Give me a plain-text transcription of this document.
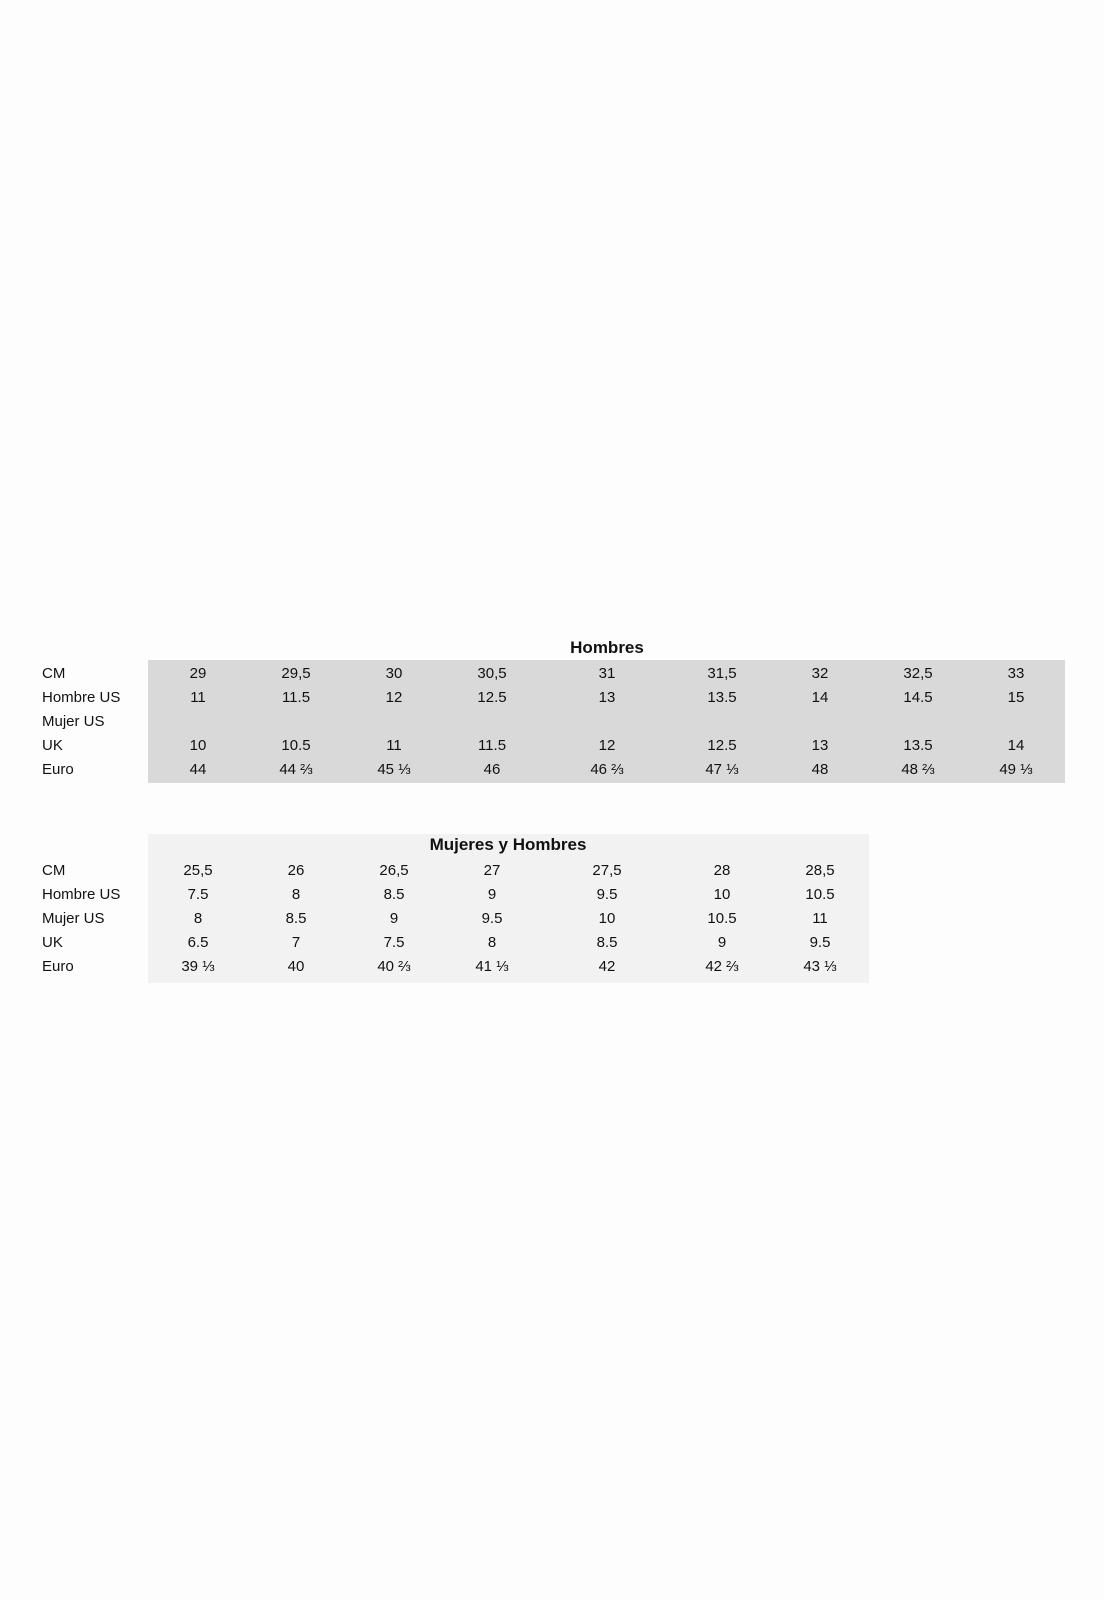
Hombres
CM	29	29,5	30	30,5	31	31,5	32	32,5	33
Hombre US	11	11.5	12	12.5	13	13.5	14	14.5	15
Mujer US
UK	10	10.5	11	11.5	12	12.5	13	13.5	14
Euro	44	44 ⅔	45 ⅓	46	46 ⅔	47 ⅓	48	48 ⅔	49 ⅓
Mujeres y Hombres
CM	25,5	26	26,5	27	27,5	28	28,5
Hombre US	7.5	8	8.5	9	9.5	10	10.5
Mujer US	8	8.5	9	9.5	10	10.5	11
UK	6.5	7	7.5	8	8.5	9	9.5
Euro	39 ⅓	40	40 ⅔	41 ⅓	42	42 ⅔	43 ⅓
